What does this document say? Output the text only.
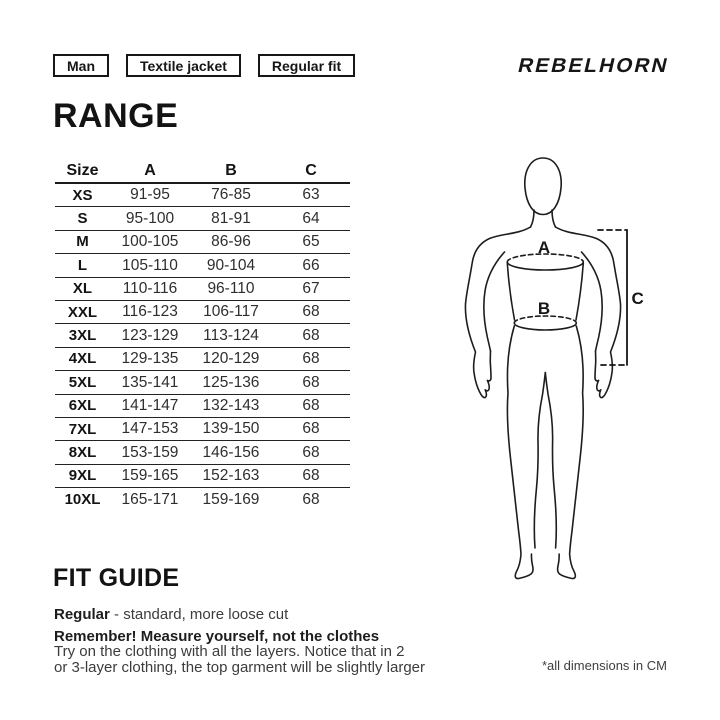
Man	Textile jacket	Regular fit	REBELHORN
RANGE
Size	A	B	C
XS	91-95	76-85	63
S	95-100	81-91	64
M	100-105	86-96	65
L	105-110	90-104	66
XL	110-116	96-110	67
XXL	116-123	106-117	68
3XL	123-129	113-124	68
4XL	129-135	120-129	68
5XL	135-141	125-136	68
6XL	141-147	132-143	68
7XL	147-153	139-150	68
8XL	153-159	146-156	68
9XL	159-165	152-163	68
10XL	165-171	159-169	68
A
B
C
FIT GUIDE

Regular - standard, more loose cut

Remember! Measure yourself, not the clothes

Try on the clothing with all the layers. Notice that in 2

or 3-layer clothing, the top garment will be slightly larger	*all dimensions in CM
